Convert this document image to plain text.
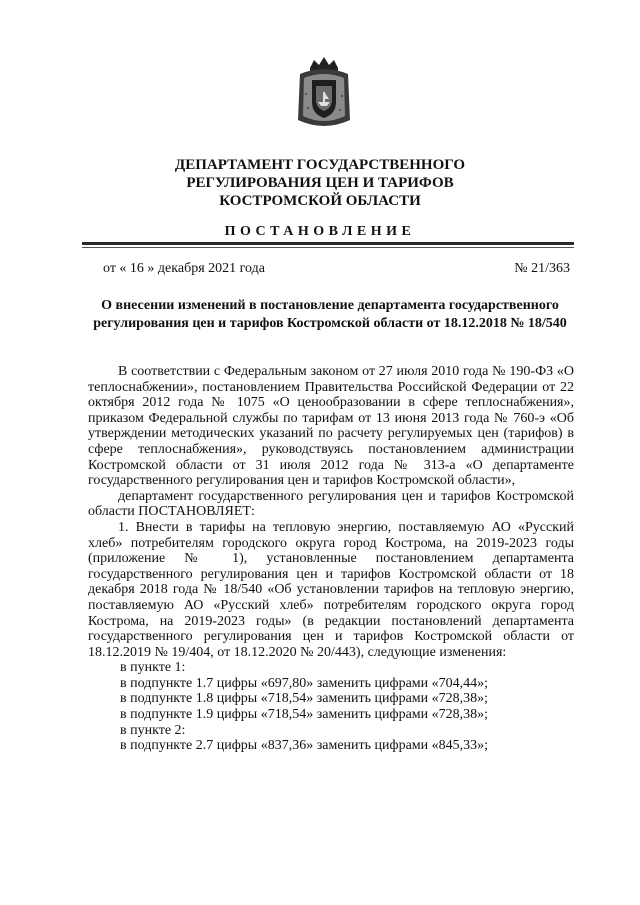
ДЕПАРТАМЕНТ ГОСУДАРСТВЕННОГО
РЕГУЛИРОВАНИЯ ЦЕН И ТАРИФОВ
КОСТРОМСКОЙ ОБЛАСТИ
ПОСТАНОВЛЕНИЕ
от « 16 » декабря 2021 года	№ 21/363
О внесении изменений в постановление департамента государственного регулирования цен и тарифов Костромской области от 18.12.2018 № 18/540

В соответствии с Федеральным законом от 27 июля 2010 года № 190-ФЗ «О теплоснабжении», постановлением Правительства Российской Федерации от 22 октября 2012 года № 1075 «О ценообразовании в сфере теплоснабжения», приказом Федеральной службы по тарифам от 13 июня 2013 года № 760-э «Об утверждении методических указаний по расчету регулируемых цен (тарифов) в сфере теплоснабжения», руководствуясь постановлением администрации Костромской области от 31 июля 2012 года № 313-а «О департаменте государственного регулирования цен и тарифов Костромской области»,

департамент государственного регулирования цен и тарифов Костромской области ПОСТАНОВЛЯЕТ:

1. Внести в тарифы на тепловую энергию, поставляемую АО «Русский хлеб» потребителям городского округа город Кострома, на 2019-2023 годы (приложение № 1), установленные постановлением департамента государственного регулирования цен и тарифов Костромской области от 18 декабря 2018 года № 18/540 «Об установлении тарифов на тепловую энергию, поставляемую АО «Русский хлеб» потребителям городского округа город Кострома, на 2019-2023 годы» (в редакции постановлений департамента государственного регулирования цен и тарифов Костромской области от 18.12.2019 № 19/404, от 18.12.2020 № 20/443), следующие изменения:

в пункте 1:

в подпункте 1.7 цифры «697,80» заменить цифрами «704,44»;

в подпункте 1.8 цифры «718,54» заменить цифрами «728,38»;

в подпункте 1.9 цифры «718,54» заменить цифрами «728,38»;

в пункте 2:

в подпункте 2.7 цифры «837,36» заменить цифрами «845,33»;
